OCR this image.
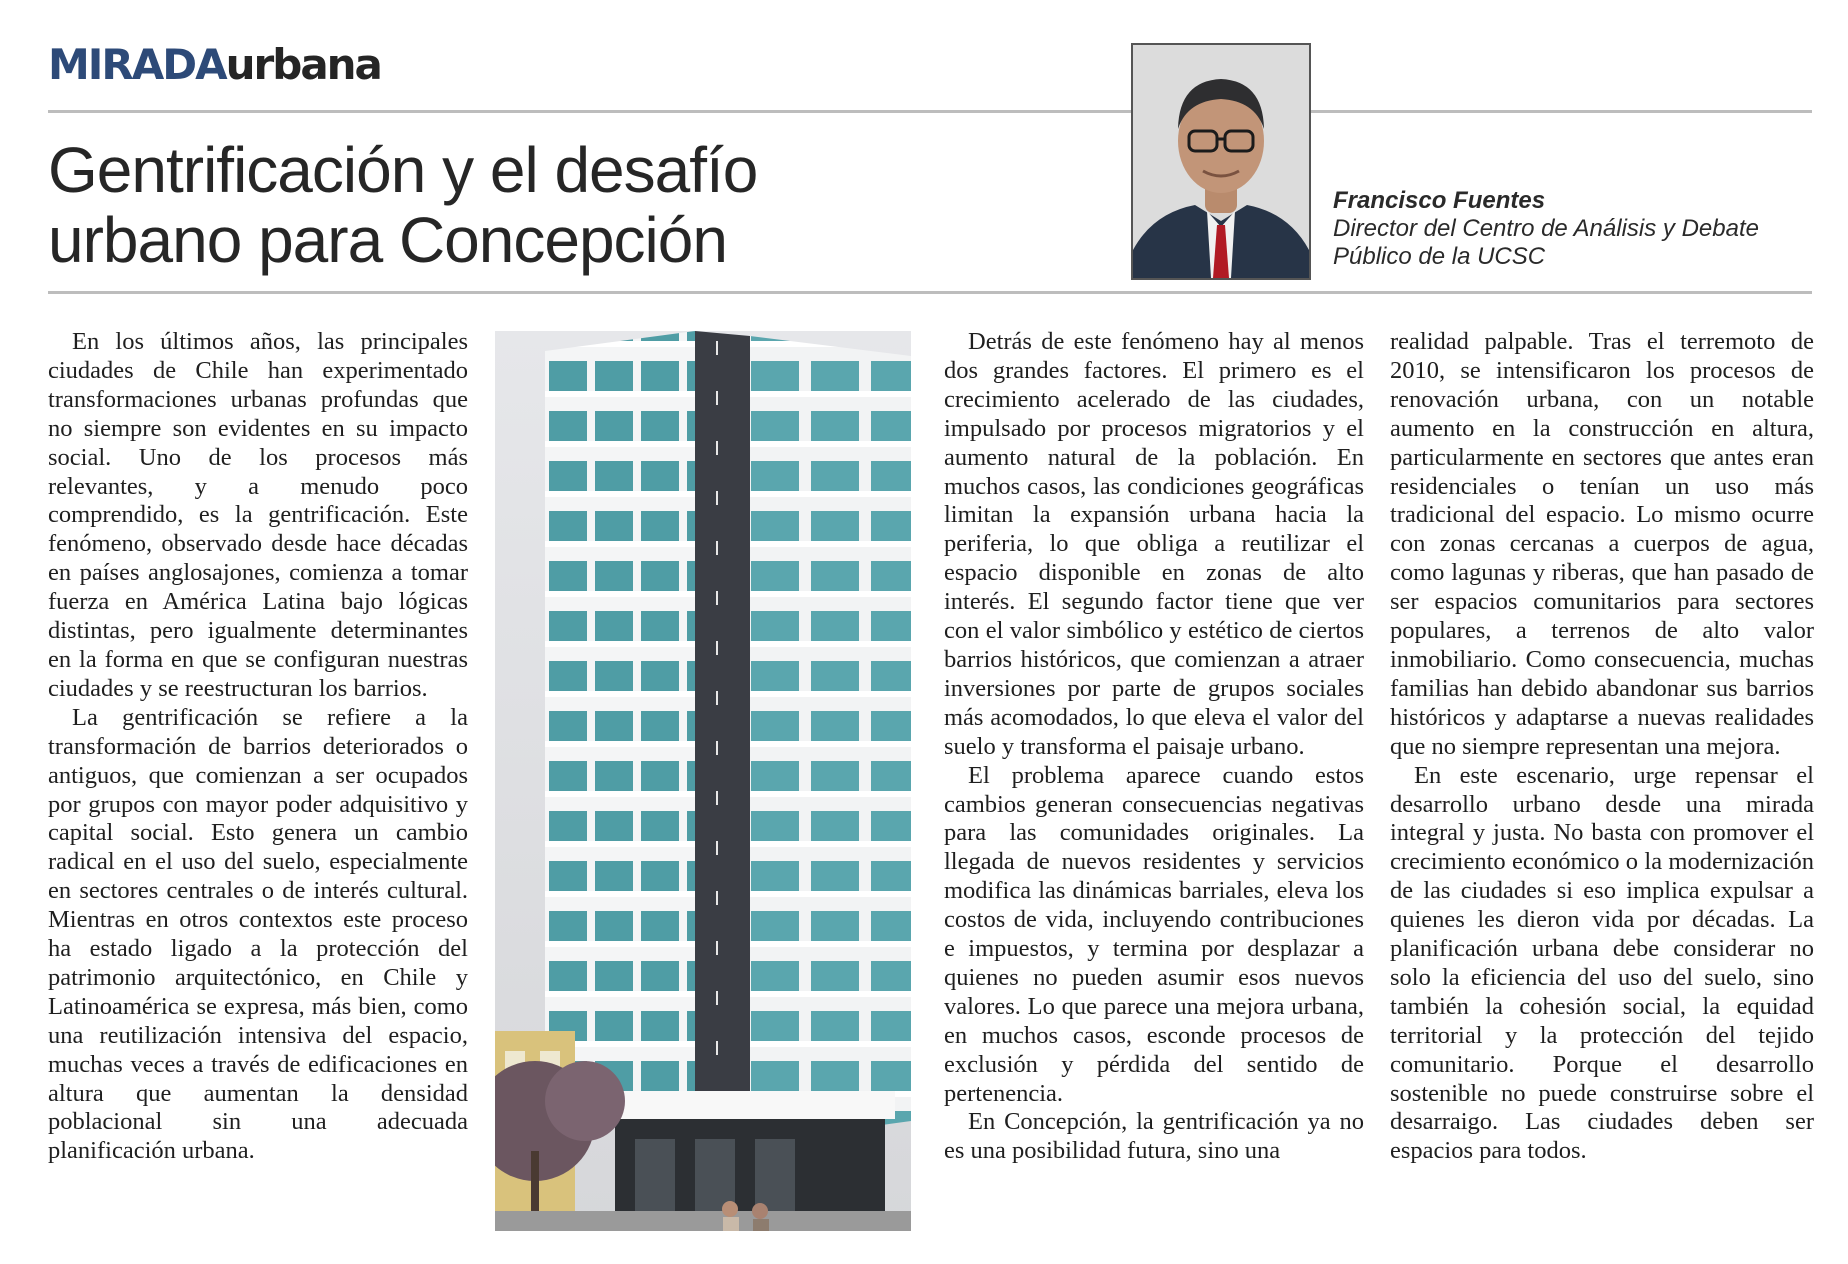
MIRADAurbana
Gentrificación y el desafío
urbano para Concepción
Francisco Fuentes
Director del Centro de Análisis y Debate
Público de la UCSC

En los últimos años, las principales ciudades de Chile han experimentado transformaciones urbanas profundas que no siempre son evidentes en su impacto social. Uno de los procesos más relevantes, y a menudo poco comprendido, es la gentrificación. Este fenómeno, observado desde hace décadas en países anglosajones, comienza a tomar fuerza en América Latina bajo lógicas distintas, pero igualmente determinantes en la forma en que se configuran nuestras ciudades y se reestructuran los barrios.

La gentrificación se refiere a la transformación de barrios deteriorados o antiguos, que comienzan a ser ocupados por grupos con mayor poder adquisitivo y capital social. Esto genera un cambio radical en el uso del suelo, especialmente en sectores centrales o de interés cultural. Mientras en otros contextos este proceso ha estado ligado a la protección del patrimonio arquitectónico, en Chile y Latinoamérica se expresa, más bien, como una reutilización intensiva del espacio, muchas veces a través de edificaciones en altura que aumentan la densidad poblacional sin una adecuada planificación urbana.

Detrás de este fenómeno hay al menos dos grandes factores. El primero es el crecimiento acelerado de las ciudades, impulsado por procesos migratorios y el aumento natural de la población. En muchos casos, las condiciones geográficas limitan la expansión urbana hacia la periferia, lo que obliga a reutilizar el espacio disponible en zonas de alto interés. El segundo factor tiene que ver con el valor simbólico y estético de ciertos barrios históricos, que comienzan a atraer inversiones por parte de grupos sociales más acomodados, lo que eleva el valor del suelo y transforma el paisaje urbano.

El problema aparece cuando estos cambios generan consecuencias negativas para las comunidades originales. La llegada de nuevos residentes y servicios modifica las dinámicas barriales, eleva los costos de vida, incluyendo contribuciones e impuestos, y termina por desplazar a quienes no pueden asumir esos nuevos valores. Lo que parece una mejora urbana, en muchos casos, esconde procesos de exclusión y pérdida del sentido de pertenencia.

En Concepción, la gentrificación ya no es una posibilidad futura, sino una

realidad palpable. Tras el terremoto de 2010, se intensificaron los procesos de renovación urbana, con un notable aumento en la construcción en altura, particularmente en sectores que antes eran residenciales o tenían un uso más tradicional del espacio. Lo mismo ocurre con zonas cercanas a cuerpos de agua, como lagunas y riberas, que han pasado de ser espacios comunitarios para sectores populares, a terrenos de alto valor inmobiliario. Como consecuencia, muchas familias han debido abandonar sus barrios históricos y adaptarse a nuevas realidades que no siempre representan una mejora.

En este escenario, urge repensar el desarrollo urbano desde una mirada integral y justa. No basta con promover el crecimiento económico o la modernización de las ciudades si eso implica expulsar a quienes les dieron vida por décadas. La planificación urbana debe considerar no solo la eficiencia del uso del suelo, sino también la cohesión social, la equidad territorial y la protección del tejido comunitario. Porque el desarrollo sostenible no puede construirse sobre el desarraigo. Las ciudades deben ser espacios para todos.
